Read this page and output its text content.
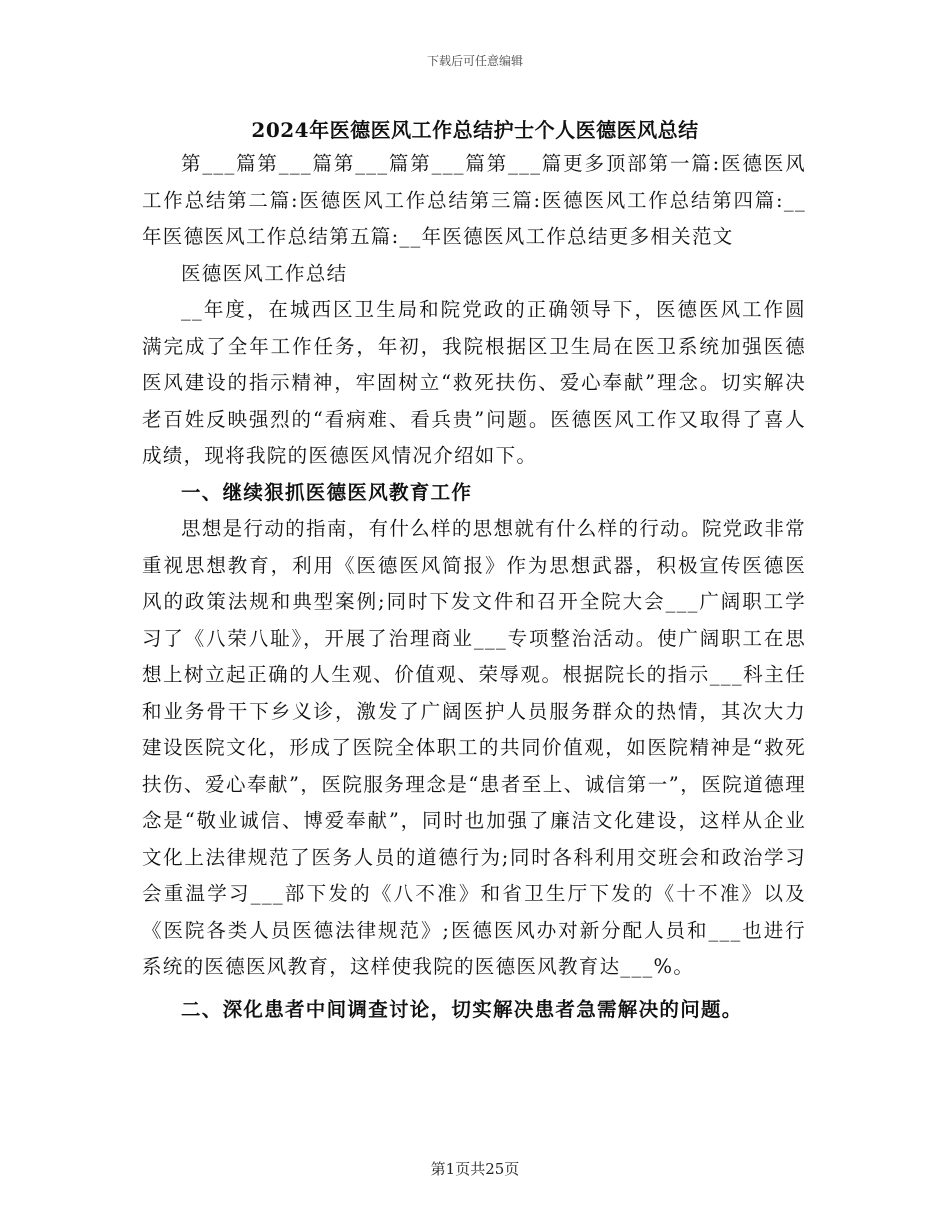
下载后可任意编辑
2024年医德医风工作总结护士个人医德医风总结

第___篇第___篇第___篇第___篇第___篇更多顶部第一篇:医德医风工作总结第二篇:医德医风工作总结第三篇:医德医风工作总结第四篇:__年医德医风工作总结第五篇:__年医德医风工作总结更多相关范文

医德医风工作总结

__年度，在城西区卫生局和院党政的正确领导下，医德医风工作圆满完成了全年工作任务，年初，我院根据区卫生局在医卫系统加强医德医风建设的指示精神，牢固树立“救死扶伤、爱心奉献”理念。切实解决老百姓反映强烈的“看病难、看兵贵”问题。医德医风工作又取得了喜人成绩，现将我院的医德医风情况介绍如下。

一、继续狠抓医德医风教育工作

思想是行动的指南，有什么样的思想就有什么样的行动。院党政非常重视思想教育，利用《医德医风简报》作为思想武器，积极宣传医德医风的政策法规和典型案例;同时下发文件和召开全院大会___广阔职工学习了《八荣八耻》，开展了治理商业___专项整治活动。使广阔职工在思想上树立起正确的人生观、价值观、荣辱观。根据院长的指示___科主任和业务骨干下乡义诊，激发了广阔医护人员服务群众的热情，其次大力建设医院文化，形成了医院全体职工的共同价值观，如医院精神是“救死扶伤、爱心奉献”，医院服务理念是“患者至上、诚信第一”，医院道德理念是“敬业诚信、博爱奉献”，同时也加强了廉洁文化建设，这样从企业文化上法律规范了医务人员的道德行为;同时各科利用交班会和政治学习会重温学习___部下发的《八不准》和省卫生厅下发的《十不准》以及《医院各类人员医德法律规范》;医德医风办对新分配人员和___也进行系统的医德医风教育，这样使我院的医德医风教育达___%。

二、深化患者中间调查讨论，切实解决患者急需解决的问题。

第1页共25页
